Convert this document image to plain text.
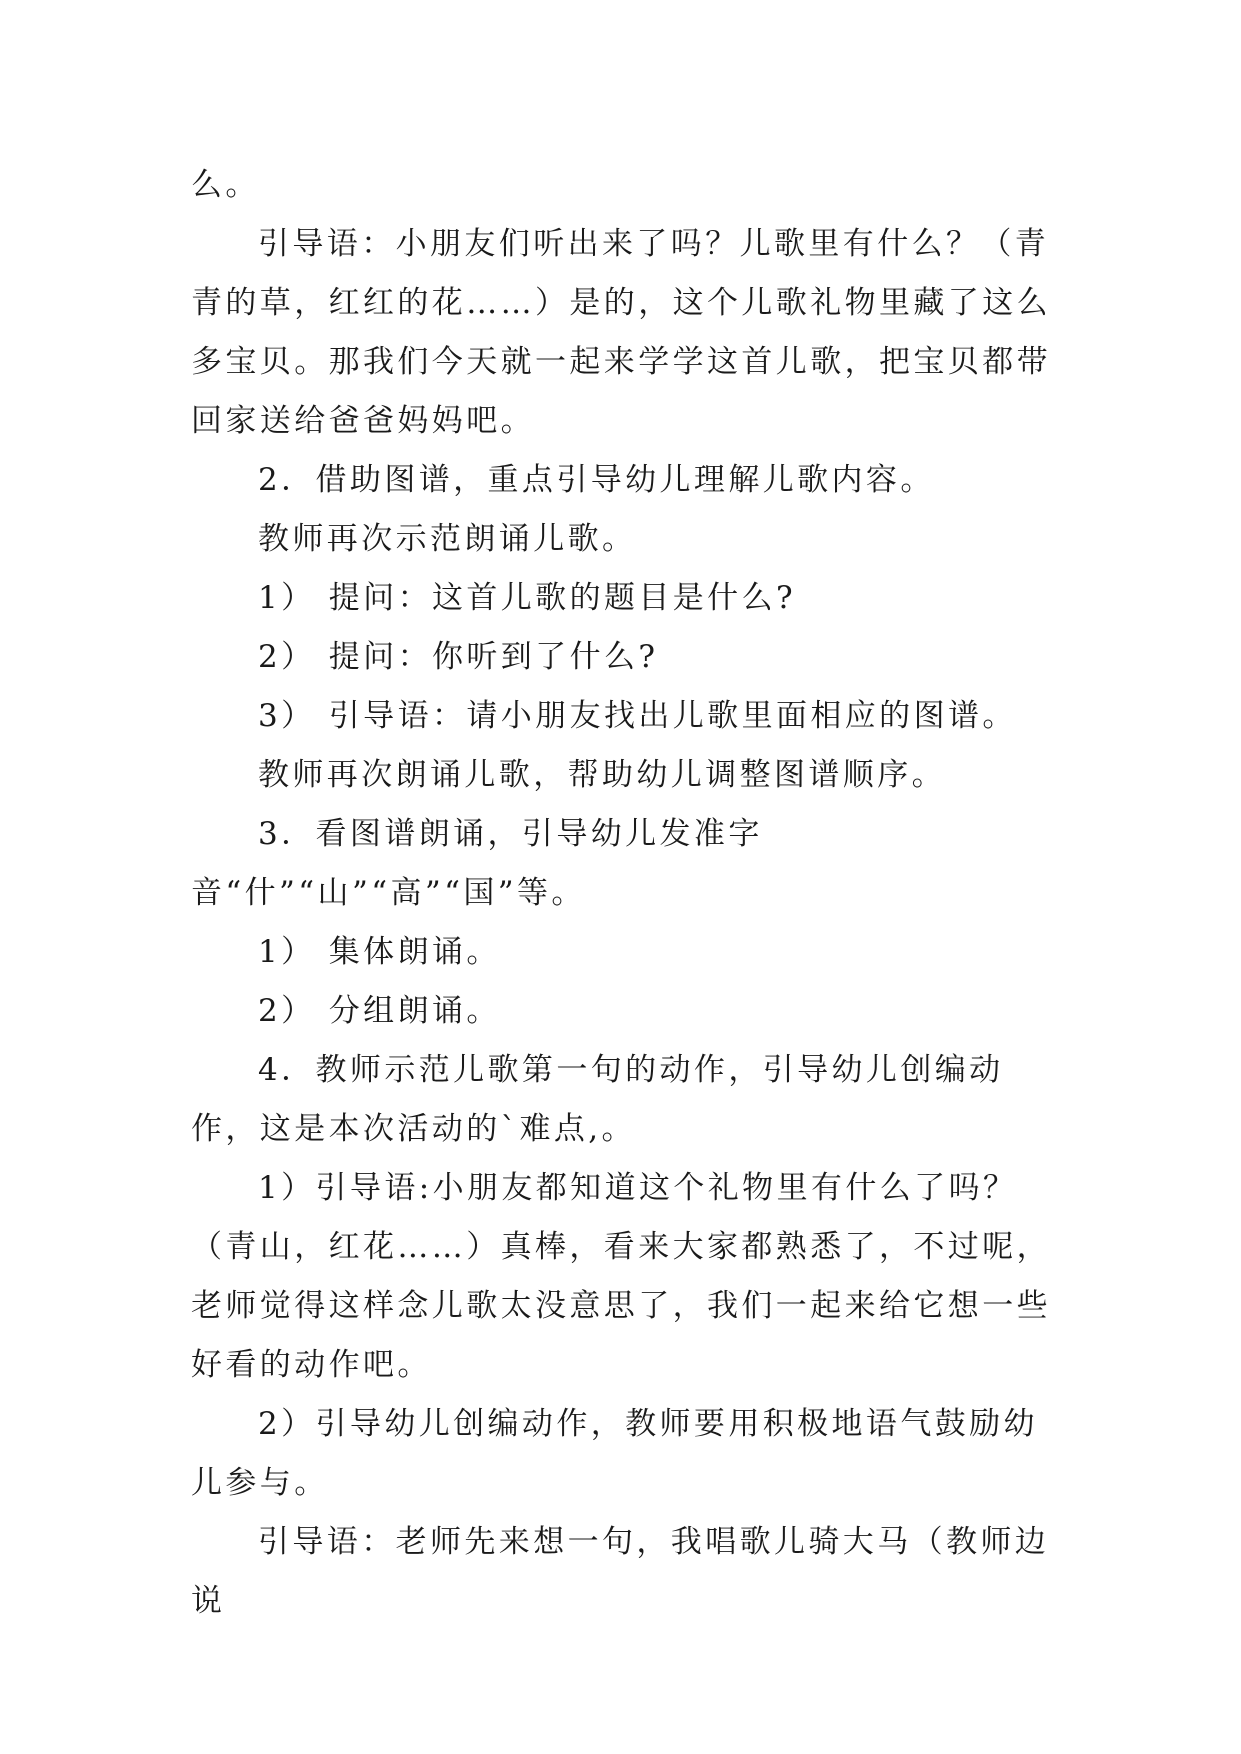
么。

引导语：小朋友们听出来了吗？儿歌里有什么？（青青的草，红红的花……）是的，这个儿歌礼物里藏了这么多宝贝。那我们今天就一起来学学这首儿歌，把宝贝都带回家送给爸爸妈妈吧。

2．借助图谱，重点引导幼儿理解儿歌内容。

教师再次示范朗诵儿歌。

1） 提问：这首儿歌的题目是什么?

2） 提问：你听到了什么?

3） 引导语：请小朋友找出儿歌里面相应的图谱。

教师再次朗诵儿歌，帮助幼儿调整图谱顺序。

3．看图谱朗诵，引导幼儿发准字音“什”“山”“高”“国”等。

1） 集体朗诵。

2） 分组朗诵。

4．教师示范儿歌第一句的动作，引导幼儿创编动作，这是本次活动的`难点,。

1）引导语:小朋友都知道这个礼物里有什么了吗？（青山，红花……）真棒，看来大家都熟悉了，不过呢，老师觉得这样念儿歌太没意思了，我们一起来给它想一些好看的动作吧。

2）引导幼儿创编动作，教师要用积极地语气鼓励幼儿参与。

引导语：老师先来想一句，我唱歌儿骑大马（教师边说
